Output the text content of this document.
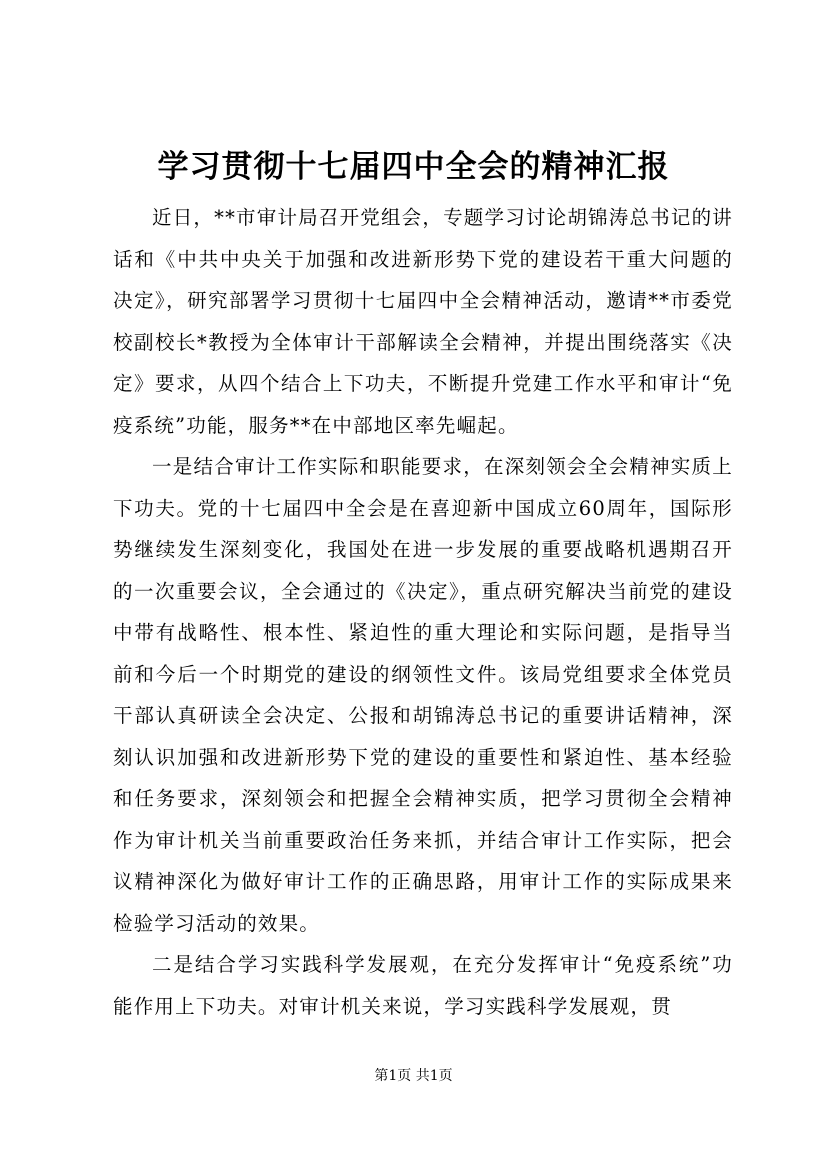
学习贯彻十七届四中全会的精神汇报

近日，**市审计局召开党组会，专题学习讨论胡锦涛总书记的讲话和《中共中央关于加强和改进新形势下党的建设若干重大问题的决定》，研究部署学习贯彻十七届四中全会精神活动，邀请**市委党校副校长*教授为全体审计干部解读全会精神，并提出围绕落实《决定》要求，从四个结合上下功夫，不断提升党建工作水平和审计“免疫系统”功能，服务**在中部地区率先崛起。

一是结合审计工作实际和职能要求，在深刻领会全会精神实质上下功夫。党的十七届四中全会是在喜迎新中国成立60周年，国际形势继续发生深刻变化，我国处在进一步发展的重要战略机遇期召开的一次重要会议，全会通过的《决定》，重点研究解决当前党的建设中带有战略性、根本性、紧迫性的重大理论和实际问题，是指导当前和今后一个时期党的建设的纲领性文件。该局党组要求全体党员干部认真研读全会决定、公报和胡锦涛总书记的重要讲话精神，深刻认识加强和改进新形势下党的建设的重要性和紧迫性、基本经验和任务要求，深刻领会和把握全会精神实质，把学习贯彻全会精神作为审计机关当前重要政治任务来抓，并结合审计工作实际，把会议精神深化为做好审计工作的正确思路，用审计工作的实际成果来检验学习活动的效果。

二是结合学习实践科学发展观，在充分发挥审计“免疫系统”功能作用上下功夫。对审计机关来说，学习实践科学发展观，贯

第1页 共1页
